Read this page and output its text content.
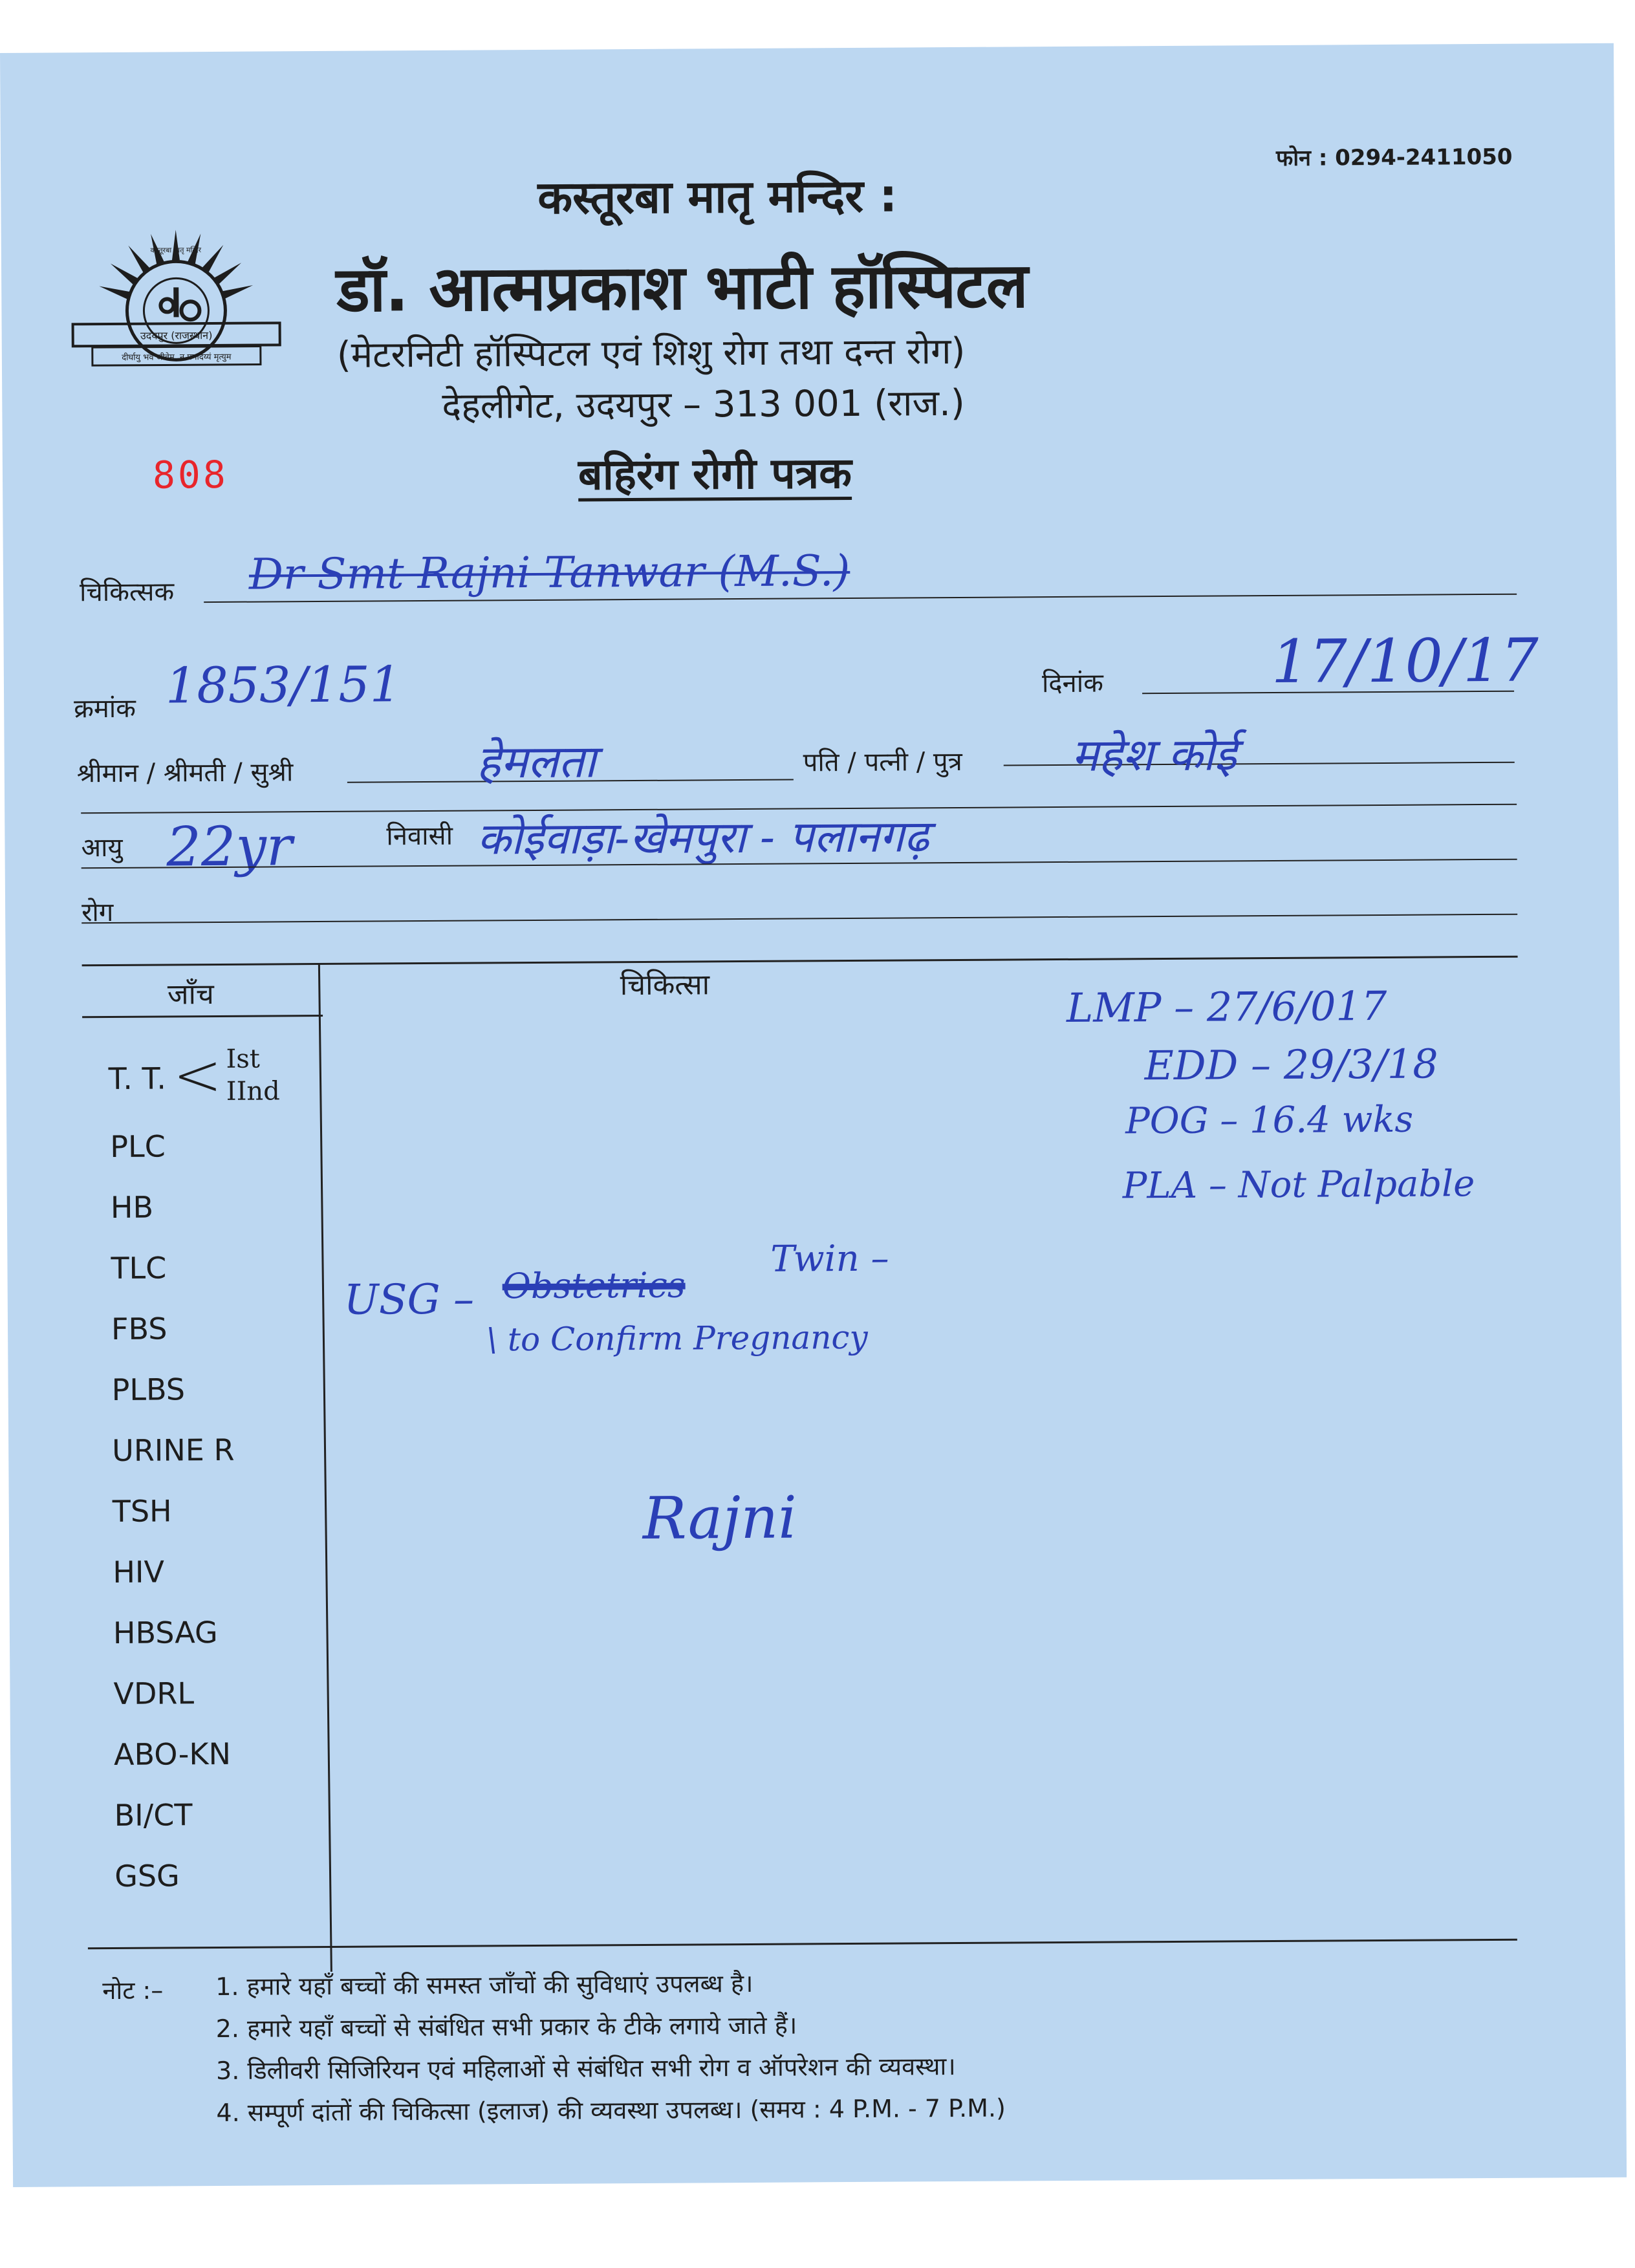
उदयपुर (राजस्थान)
दीर्घायु भव जीवेम, न प्रमादेय्यं मृत्युम
कस्तूरबा मातृ मन्दिर
फोन : 0294-2411050
कस्तूरबा मातृ मन्दिर :
डॉ. आत्मप्रकाश भाटी हॉस्पिटल
(मेटरनिटी हॉस्पिटल एवं शिशु रोग तथा दन्त रोग)
देहलीगेट, उदयपुर – 313 001 (राज.)
808	बहिरंग रोगी पत्रक
चिकित्सक Dr Smt Rajni Tanwar (M.S.)
क्रमांक 1853/151	दिनांक	17/10/17
श्रीमान / श्रीमती / सुश्री	हेमलता	पति / पत्नी / पुत्र महेश कोई
आयु 22yr	निवासी कोईवाड़ा-खेमपुरा - पलानगढ़
रोग
जाँच	चिकित्सा
T. T. < Ist
IInd
PLC
HB
TLC
FBS
PLBS
URINE R
TSH
HIV
HBSAG
VDRL
ABO-KN
BI/CT
GSG
LMP – 27/6/017
EDD – 29/3/18
POG – 16.4 wks
PLA – Not Palpable
USG – Obstetrics
Twin –
\ to Confirm Pregnancy
Rajni
नोट :– 1. हमारे यहाँ बच्चों की समस्त जाँचों की सुविधाएं उपलब्ध है।
2. हमारे यहाँ बच्चों से संबंधित सभी प्रकार के टीके लगाये जाते हैं।
3. डिलीवरी सिजिरियन एवं महिलाओं से संबंधित सभी रोग व ऑपरेशन की व्यवस्था।
4. सम्पूर्ण दांतों की चिकित्सा (इलाज) की व्यवस्था उपलब्ध। (समय : 4 P.M. - 7 P.M.)
